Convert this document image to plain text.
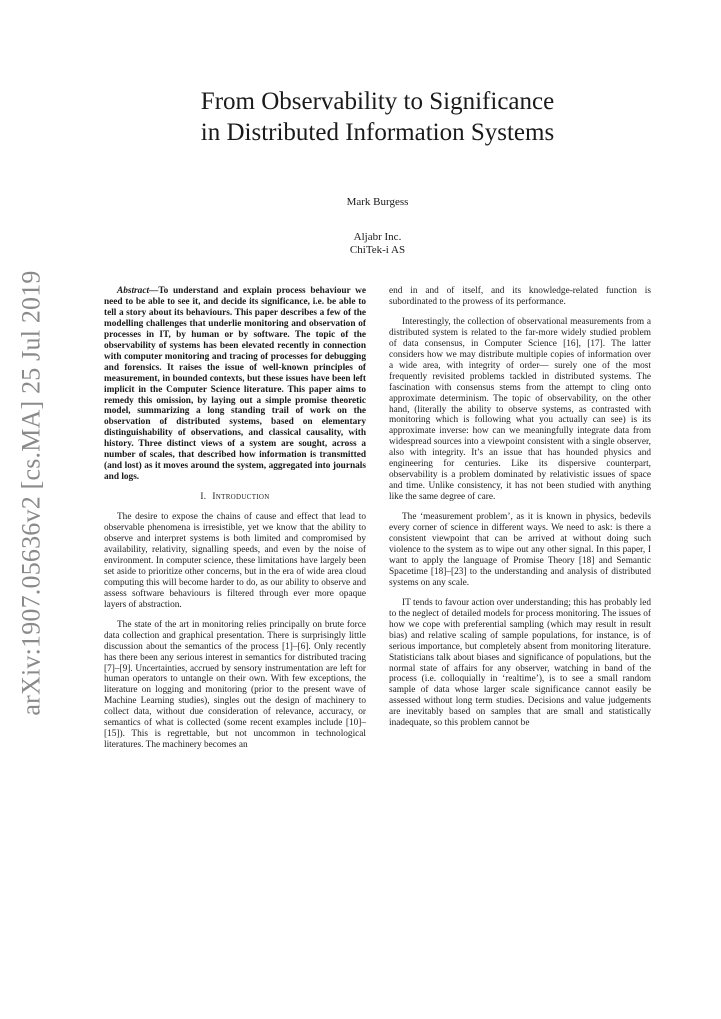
arXiv:1907.05636v2 [cs.MA] 25 Jul 2019
From Observability to Significance
in Distributed Information Systems
Mark Burgess
Aljabr Inc.
ChiTek-i AS

Abstract—To understand and explain process behaviour we need to be able to see it, and decide its significance, i.e. be able to tell a story about its behaviours. This paper describes a few of the modelling challenges that underlie monitoring and observation of processes in IT, by human or by software. The topic of the observability of systems has been elevated recently in connection with computer monitoring and tracing of processes for debugging and forensics. It raises the issue of well-known principles of measurement, in bounded contexts, but these issues have been left implicit in the Computer Science literature. This paper aims to remedy this omission, by laying out a simple promise theoretic model, summarizing a long standing trail of work on the observation of distributed systems, based on elementary distinguishability of observations, and classical causality, with history. Three distinct views of a system are sought, across a number of scales, that described how information is transmitted (and lost) as it moves around the system, aggregated into journals and logs.

I. Introduction

The desire to expose the chains of cause and effect that lead to observable phenomena is irresistible, yet we know that the ability to observe and interpret systems is both limited and compromised by availability, relativity, signalling speeds, and even by the noise of environment. In computer science, these limitations have largely been set aside to prioritize other concerns, but in the era of wide area cloud computing this will become harder to do, as our ability to observe and assess software behaviours is filtered through ever more opaque layers of abstraction.

The state of the art in monitoring relies principally on brute force data collection and graphical presentation. There is surprisingly little discussion about the semantics of the process [1]–[6]. Only recently has there been any serious interest in semantics for distributed tracing [7]–[9]. Uncertainties, accrued by sensory instrumentation are left for human operators to untangle on their own. With few exceptions, the literature on logging and monitoring (prior to the present wave of Machine Learning studies), singles out the design of machinery to collect data, without due consideration of relevance, accuracy, or semantics of what is collected (some recent examples include [10]–[15]). This is regrettable, but not uncommon in technological literatures. The machinery becomes an

end in and of itself, and its knowledge-related function is subordinated to the prowess of its performance.

Interestingly, the collection of observational measurements from a distributed system is related to the far-more widely studied problem of data consensus, in Computer Science [16], [17]. The latter considers how we may distribute multiple copies of information over a wide area, with integrity of order— surely one of the most frequently revisited problems tackled in distributed systems. The fascination with consensus stems from the attempt to cling onto approximate determinism. The topic of observability, on the other hand, (literally the ability to observe systems, as contrasted with monitoring which is following what you actually can see) is its approximate inverse: how can we meaningfully integrate data from widespread sources into a viewpoint consistent with a single observer, also with integrity. It’s an issue that has hounded physics and engineering for centuries. Like its dispersive counterpart, observability is a problem dominated by relativistic issues of space and time. Unlike consistency, it has not been studied with anything like the same degree of care.

The ‘measurement problem’, as it is known in physics, bedevils every corner of science in different ways. We need to ask: is there a consistent viewpoint that can be arrived at without doing such violence to the system as to wipe out any other signal. In this paper, I want to apply the language of Promise Theory [18] and Semantic Spacetime [18]–[23] to the understanding and analysis of distributed systems on any scale.

IT tends to favour action over understanding; this has probably led to the neglect of detailed models for process monitoring. The issues of how we cope with preferential sampling (which may result in result bias) and relative scaling of sample populations, for instance, is of serious importance, but completely absent from monitoring literature. Statisticians talk about biases and significance of populations, but the normal state of affairs for any observer, watching in band of the process (i.e. colloquially in ‘realtime’), is to see a small random sample of data whose larger scale significance cannot easily be assessed without long term studies. Decisions and value judgements are inevitably based on samples that are small and statistically inadequate, so this problem cannot be
